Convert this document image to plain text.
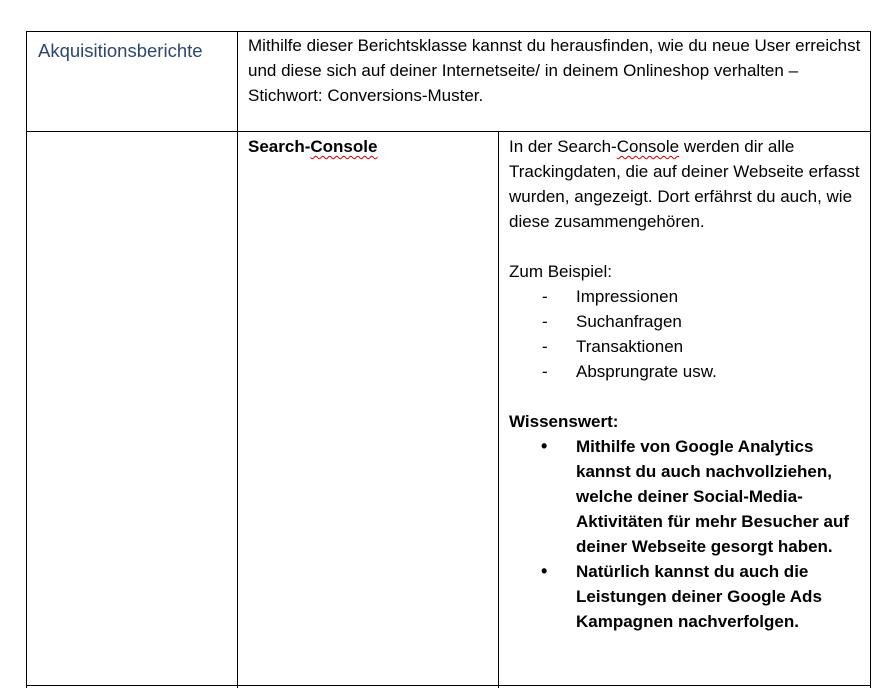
Akquisitionsberichte	Mithilfe dieser Berichtsklasse kannst du herausfinden, wie du neue User erreichst und diese sich auf deiner Internetseite/ in deinem Onlineshop verhalten – Stichwort: Conversions-Muster.
Search-Console	In der Search-Console werden dir alle Trackingdaten, die auf deiner Webseite erfasst wurden, angezeigt. Dort erfährst du auch, wie diese zusammengehören.
Zum Beispiel:
- Impressionen
- Suchanfragen
- Transaktionen
- Absprungrate usw.
Wissenswert:
• Mithilfe von Google Analytics kannst du auch nachvollziehen, welche deiner Social-Media-Aktivitäten für mehr Besucher auf deiner Webseite gesorgt haben.
• Natürlich kannst du auch die Leistungen deiner Google Ads Kampagnen nachverfolgen.
